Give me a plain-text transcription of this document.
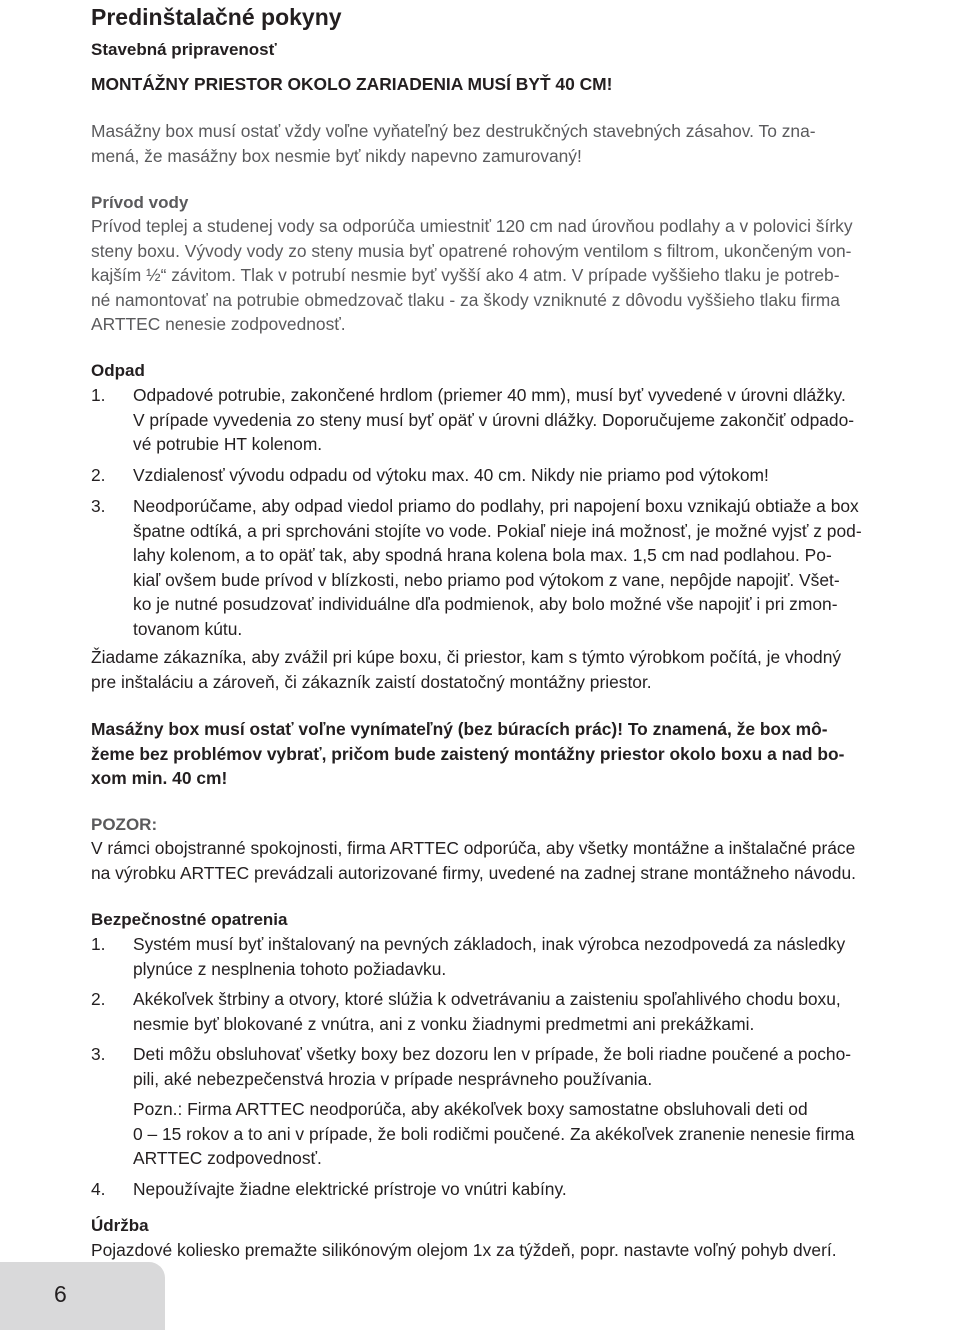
Predinštalačné pokyny
Stavebná pripravenosť
MONTÁŽNY PRIESTOR OKOLO ZARIADENIA MUSÍ BYŤ 40 CM!
Masážny box musí ostať vždy voľne vyňateľný bez destrukčných stavebných zásahov. To zna-
mená, že masážny box nesmie byť nikdy napevno zamurovaný!
Prívod vody
Prívod teplej a studenej vody sa odporúča umiestniť 120 cm nad úrovňou podlahy a v polovici šírky
steny boxu. Vývody vody zo steny musia byť opatrené rohovým ventilom s filtrom, ukončeným von-
kajším ½“ závitom. Tlak v potrubí nesmie byť vyšší ako 4 atm. V prípade vyššieho tlaku je potreb-
né namontovať na potrubie obmedzovač tlaku - za škody vzniknuté z dôvodu vyššieho tlaku firma
ARTTEC nenesie zodpovednosť.
Odpad
1. Odpadové potrubie, zakončené hrdlom (priemer 40 mm), musí byť vyvedené v úrovni dlážky.
V prípade vyvedenia zo steny musí byť opäť v úrovni dlážky. Doporučujeme zakončiť odpado-
vé potrubie HT kolenom.
2. Vzdialenosť vývodu odpadu od výtoku max. 40 cm. Nikdy nie priamo pod výtokom!
3. Neodporúčame, aby odpad viedol priamo do podlahy, pri napojení boxu vznikajú obtiaže a box
špatne odtíká, a pri sprchováni stojíte vo vode. Pokiaľ nieje iná možnosť, je možné vyjsť z pod-
lahy kolenom, a to opäť tak, aby spodná hrana kolena bola max. 1,5 cm nad podlahou. Po-
kiaľ ovšem bude prívod v blízkosti, nebo priamo pod výtokom z vane, nepôjde napojiť. Všet-
ko je nutné posudzovať individuálne dľa podmienok, aby bolo možné vše napojiť i pri zmon-
tovanom kútu.
Žiadame zákazníka, aby zvážil pri kúpe boxu, či priestor, kam s týmto výrobkom počítá, je vhodný
pre inštaláciu a zároveň, či zákazník zaistí dostatočný montážny priestor.
Masážny box musí ostať voľne vynímateľný (bez búracích prác)! To znamená, že box mô-
žeme bez problémov vybrať, pričom bude zaistený montážny priestor okolo boxu a nad bo-
xom min. 40 cm!
POZOR:
V rámci obojstranné spokojnosti, firma ARTTEC odporúča, aby všetky montážne a inštalačné práce
na výrobku ARTTEC prevádzali autorizované firmy, uvedené na zadnej strane montážneho návodu.
Bezpečnostné opatrenia
1. Systém musí byť inštalovaný na pevných základoch, inak výrobca nezodpovedá za následky
plynúce z nesplnenia tohoto požiadavku.
2. Akékoľvek štrbiny a otvory, ktoré slúžia k odvetrávaniu a zaisteniu spoľahlivého chodu boxu,
nesmie byť blokované z vnútra, ani z vonku žiadnymi predmetmi ani prekážkami.
3. Deti môžu obsluhovať všetky boxy bez dozoru len v prípade, že boli riadne poučené a pocho-
pili, aké nebezpečenstvá hrozia v prípade nesprávneho používania.
Pozn.: Firma ARTTEC neodporúča, aby akékoľvek boxy samostatne obsluhovali deti od
0 – 15 rokov a to ani v prípade, že boli rodičmi poučené. Za akékoľvek zranenie nenesie firma
ARTTEC zodpovednosť.
4. Nepoužívajte žiadne elektrické prístroje vo vnútri kabíny.
Údržba
Pojazdové koliesko premažte silikónovým olejom 1x za týždeň, popr. nastavte voľný pohyb dverí.
6
